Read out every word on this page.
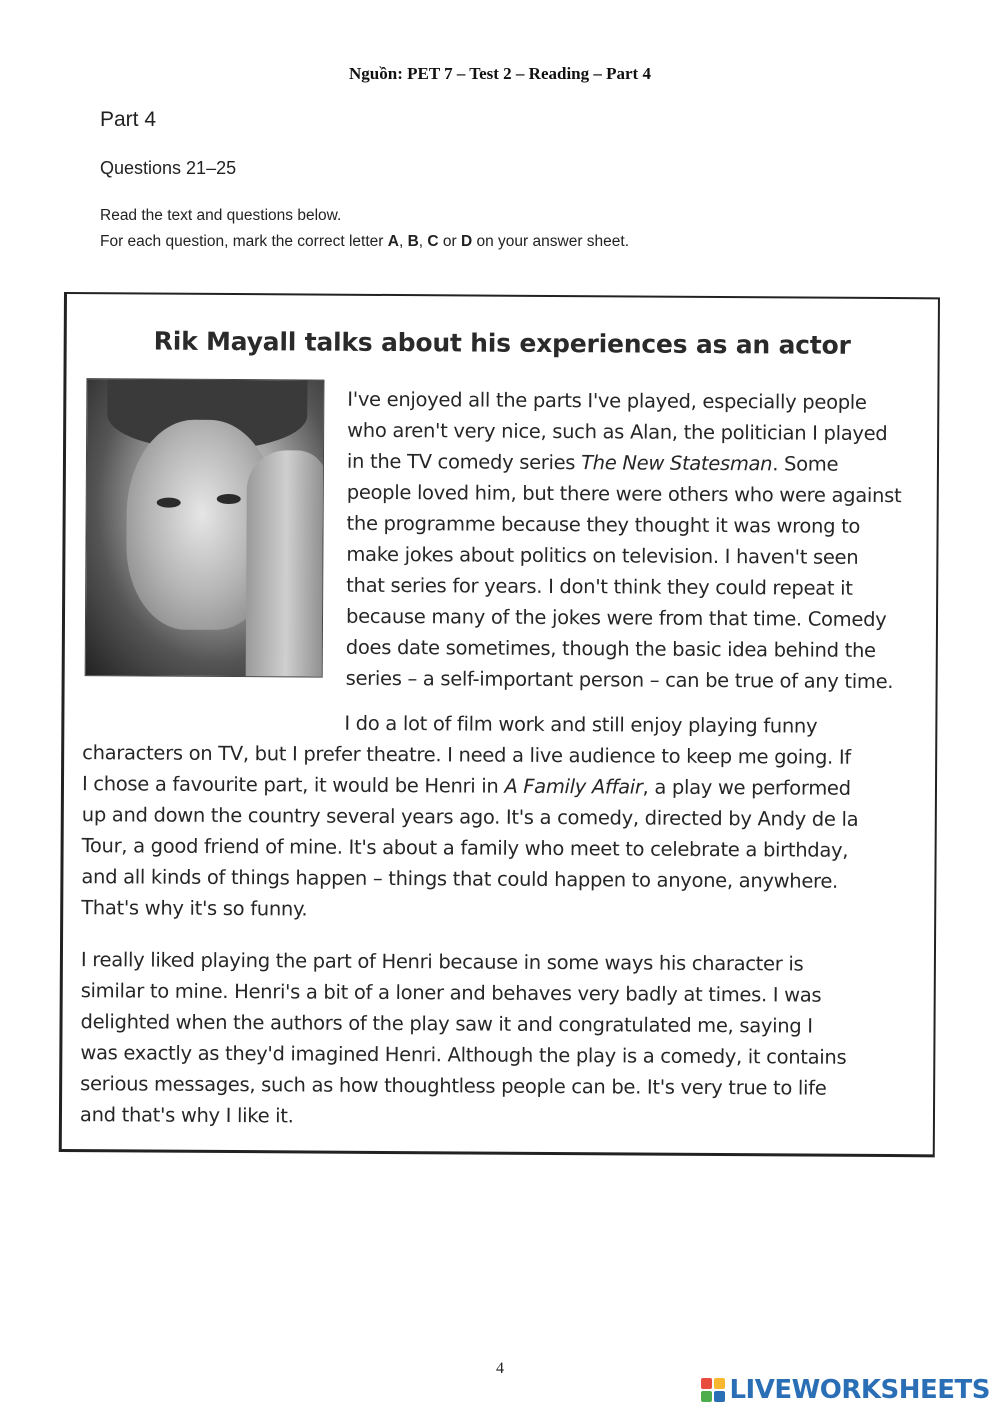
Nguồn: PET 7 – Test 2 – Reading – Part 4
Part 4
Questions 21–25
Read the text and questions below.
For each question, mark the correct letter A, B, C or D on your answer sheet.
Rik Mayall talks about his experiences as an actor
I've enjoyed all the parts I've played, especially people
who aren't very nice, such as Alan, the politician I played
in the TV comedy series The New Statesman. Some
people loved him, but there were others who were against
the programme because they thought it was wrong to
make jokes about politics on television. I haven't seen
that series for years. I don't think they could repeat it
because many of the jokes were from that time. Comedy
does date sometimes, though the basic idea behind the
series – a self-important person – can be true of any time.
I do a lot of film work and still enjoy playing funny
characters on TV, but I prefer theatre. I need a live audience to keep me going. If
I chose a favourite part, it would be Henri in A Family Affair, a play we performed
up and down the country several years ago. It's a comedy, directed by Andy de la
Tour, a good friend of mine. It's about a family who meet to celebrate a birthday,
and all kinds of things happen – things that could happen to anyone, anywhere.
That's why it's so funny.
I really liked playing the part of Henri because in some ways his character is
similar to mine. Henri's a bit of a loner and behaves very badly at times. I was
delighted when the authors of the play saw it and congratulated me, saying I
was exactly as they'd imagined Henri. Although the play is a comedy, it contains
serious messages, such as how thoughtless people can be. It's very true to life
and that's why I like it.
4
LIVEWORKSHEETS
